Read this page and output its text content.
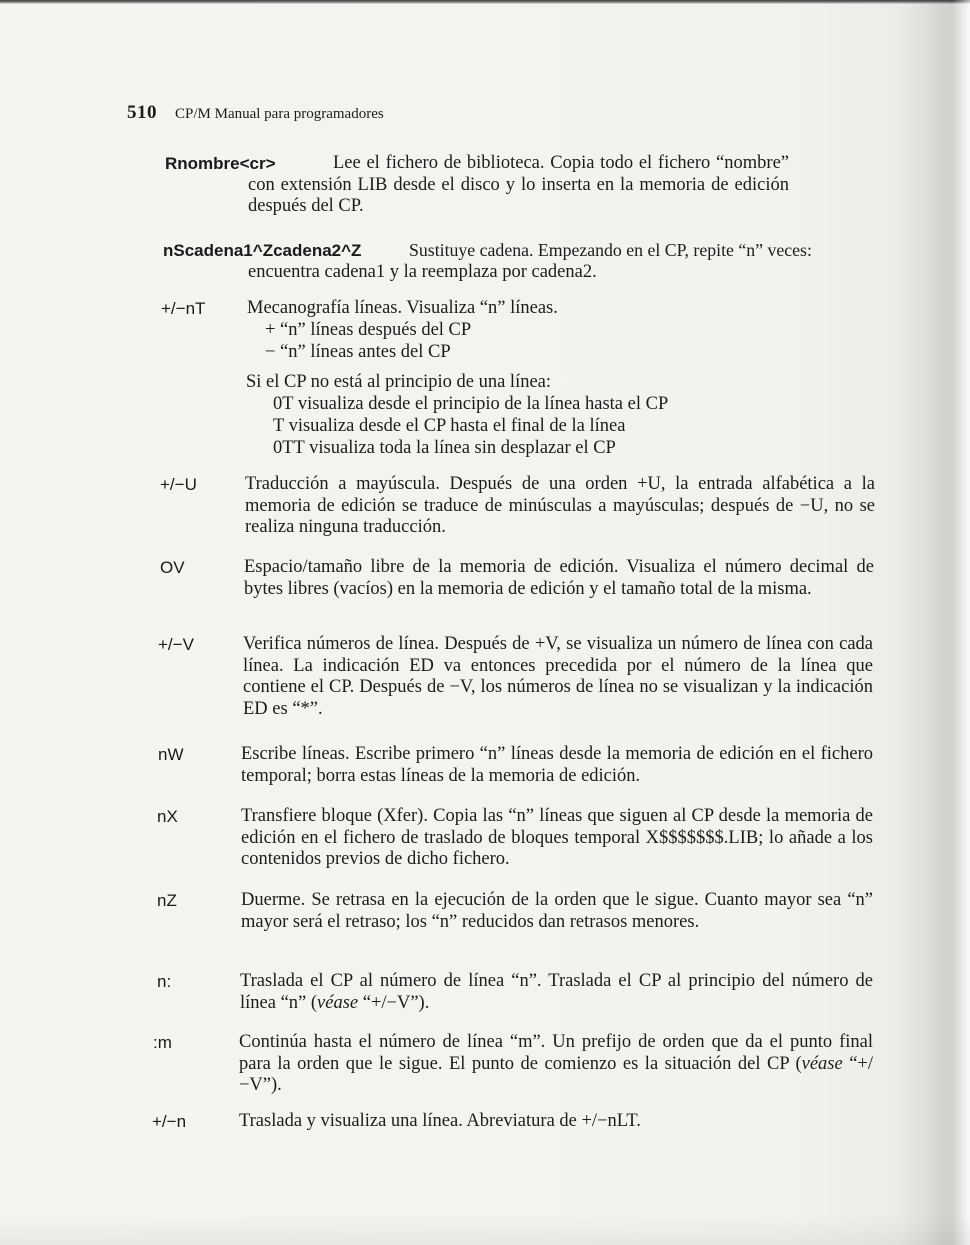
510 CP/M Manual para programadores
Rnombre<cr>	Lee el fichero de biblioteca. Copia todo el fichero “nombre” con extensión LIB desde el disco y lo inserta en la memoria de edición después del CP.
nScadena1^Zcadena2^Z	Sustituye cadena. Empezando en el CP, repite “n” veces:
encuentra cadena1 y la reemplaza por cadena2.
+/−nT Mecanografía líneas. Visualiza “n” líneas.
+ “n” líneas después del CP
− “n” líneas antes del CP
Si el CP no está al principio de una línea:
0T visualiza desde el principio de la línea hasta el CP
T visualiza desde el CP hasta el final de la línea
0TT visualiza toda la línea sin desplazar el CP
+/−U	Traducción a mayúscula. Después de una orden +U, la entrada alfabética a la memoria de edición se traduce de minúsculas a mayúsculas; después de −U, no se realiza ninguna traducción.
OV	Espacio/tamaño libre de la memoria de edición. Visualiza el número decimal de bytes libres (vacíos) en la memoria de edición y el tamaño total de la misma.
+/−V	Verifica números de línea. Después de +V, se visualiza un número de línea con cada línea. La indicación ED va entonces precedida por el número de la línea que contiene el CP. Después de −V, los números de línea no se visualizan y la indicación ED es “*”.
nW	Escribe líneas. Escribe primero “n” líneas desde la memoria de edición en el fichero temporal; borra estas líneas de la memoria de edición.
nX	Transfiere bloque (Xfer). Copia las “n” líneas que siguen al CP desde la memoria de edición en el fichero de traslado de bloques temporal X$$$$$$$.LIB; lo añade a los contenidos previos de dicho fichero.
nZ	Duerme. Se retrasa en la ejecución de la orden que le sigue. Cuanto mayor sea “n” mayor será el retraso; los “n” reducidos dan retrasos menores.
n:	Traslada el CP al número de línea “n”. Traslada el CP al principio del número de línea “n” (véase “+/−V”).
:m	Continúa hasta el número de línea “m”. Un prefijo de orden que da el punto final para la orden que le sigue. El punto de comienzo es la situación del CP (véase “+/−V”).
+/−n	Traslada y visualiza una línea. Abreviatura de +/−nLT.
